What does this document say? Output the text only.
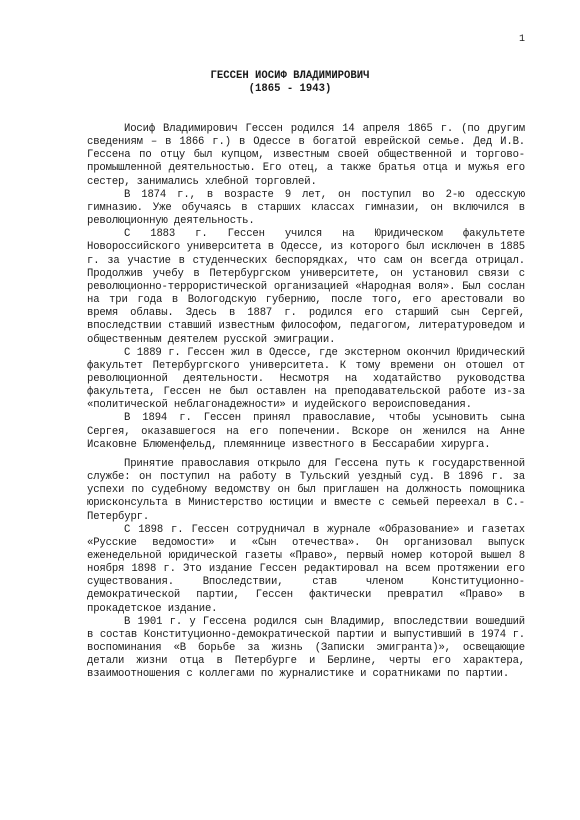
1
ГЕССЕН ИОСИФ ВЛАДИМИРОВИЧ
(1865 - 1943)

Иосиф Владимирович Гессен родился 14 апреля 1865 г. (по другим сведениям – в 1866 г.) в Одессе в богатой еврейской семье. Дед И.В. Гессена по отцу был купцом, известным своей общественной и торгово-промышленной деятельностью. Его отец, а также братья отца и мужья его сестер, занимались хлебной торговлей.

В 1874 г., в возрасте 9 лет, он поступил во 2-ю одесскую гимназию. Уже обучаясь в старших классах гимназии, он включился в революционную деятельность.

С 1883 г. Гессен учился на Юридическом факультете Новороссийского университета в Одессе, из которого был исключен в 1885 г. за участие в студенческих беспорядках, что сам он всегда отрицал. Продолжив учебу в Петербургском университете, он установил связи с революционно-террористической организацией «Народная воля». Был сослан на три года в Вологодскую губернию, после того, его арестовали во время облавы. Здесь в 1887 г. родился его старший сын Сергей, впоследствии ставший известным философом, педагогом, литературоведом и общественным деятелем русской эмиграции.

С 1889 г. Гессен жил в Одессе, где экстерном окончил Юридический факультет Петербургского университета. К тому времени он отошел от революционной деятельности. Несмотря на ходатайство руководства факультета, Гессен не был оставлен на преподавательской работе из-за «политической неблагонадежности» и иудейского вероисповедания.

В 1894 г. Гессен принял православие, чтобы усыновить сына Сергея, оказавшегося на его попечении. Вскоре он женился на Анне Исаковне Блюменфельд, племяннице известного в Бессарабии хирурга.

Принятие православия открыло для Гессена путь к государственной службе: он поступил на работу в Тульский уездный суд. В 1896 г. за успехи по судебному ведомству он был приглашен на должность помощника юрисконсульта в Министерство юстиции и вместе с семьей переехал в С.-Петербург.

С 1898 г. Гессен сотрудничал в журнале «Образование» и газетах «Русские ведомости» и «Сын отечества». Он организовал выпуск еженедельной юридической газеты «Право», первый номер которой вышел 8 ноября 1898 г. Это издание Гессен редактировал на всем протяжении его существования. Впоследствии, став членом Конституционно-демократической партии, Гессен фактически превратил «Право» в прокадетское издание.

В 1901 г. у Гессена родился сын Владимир, впоследствии вошедший в состав Конституционно-демократической партии и выпустивший в 1974 г. воспоминания «В борьбе за жизнь (Записки эмигранта)», освещающие детали жизни отца в Петербурге и Берлине, черты его характера, взаимоотношения с коллегами по журналистике и соратниками по партии.
